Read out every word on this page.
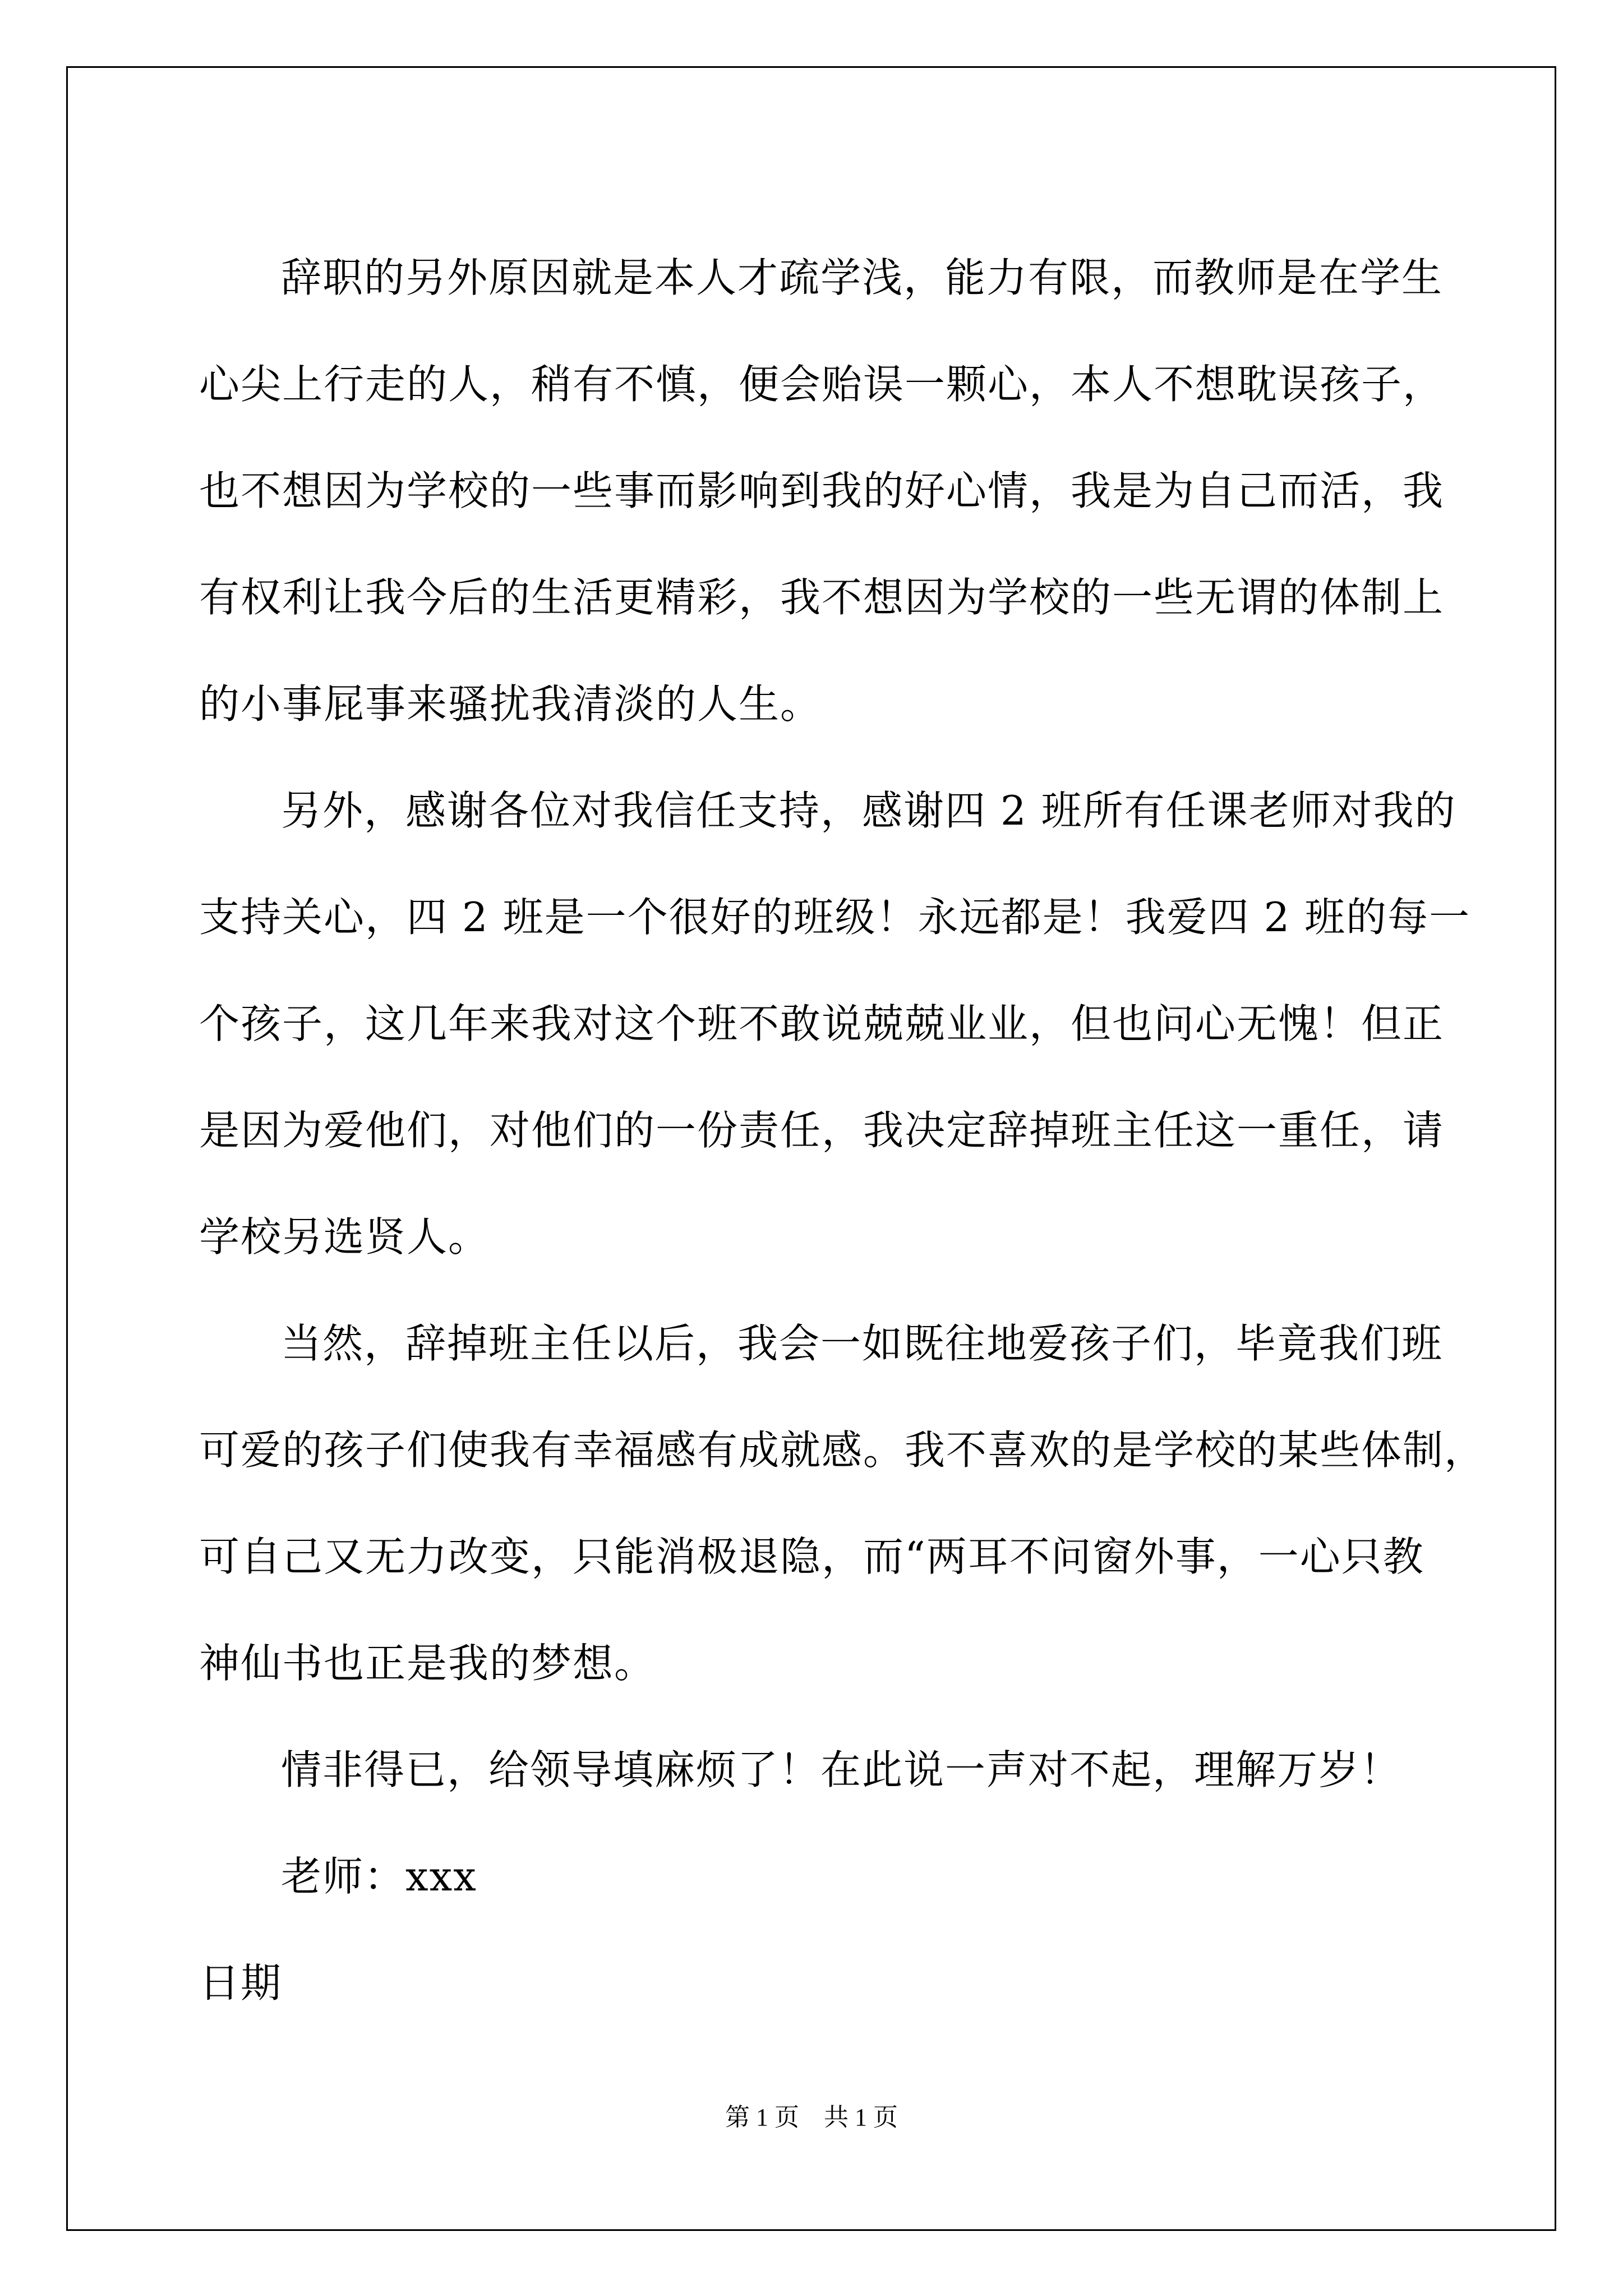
辞职的另外原因就是本人才疏学浅，能力有限，而教师是在学生
心尖上行走的人，稍有不慎，便会贻误一颗心，本人不想耽误孩子，
也不想因为学校的一些事而影响到我的好心情，我是为自己而活，我
有权利让我今后的生活更精彩，我不想因为学校的一些无谓的体制上
的小事屁事来骚扰我清淡的人生。

另外，感谢各位对我信任支持，感谢四 2 班所有任课老师对我的
支持关心，四 2 班是一个很好的班级！永远都是！我爱四 2 班的每一
个孩子，这几年来我对这个班不敢说兢兢业业，但也问心无愧！但正
是因为爱他们，对他们的一份责任，我决定辞掉班主任这一重任，请
学校另选贤人。

当然，辞掉班主任以后，我会一如既往地爱孩子们，毕竟我们班
可爱的孩子们使我有幸福感有成就感。我不喜欢的是学校的某些体制，
可自己又无力改变，只能消极退隐，而“两耳不问窗外事，一心只教
神仙书也正是我的梦想。

情非得已，给领导填麻烦了！在此说一声对不起，理解万岁！

老师：xxx

日期

第 1 页　共 1 页
